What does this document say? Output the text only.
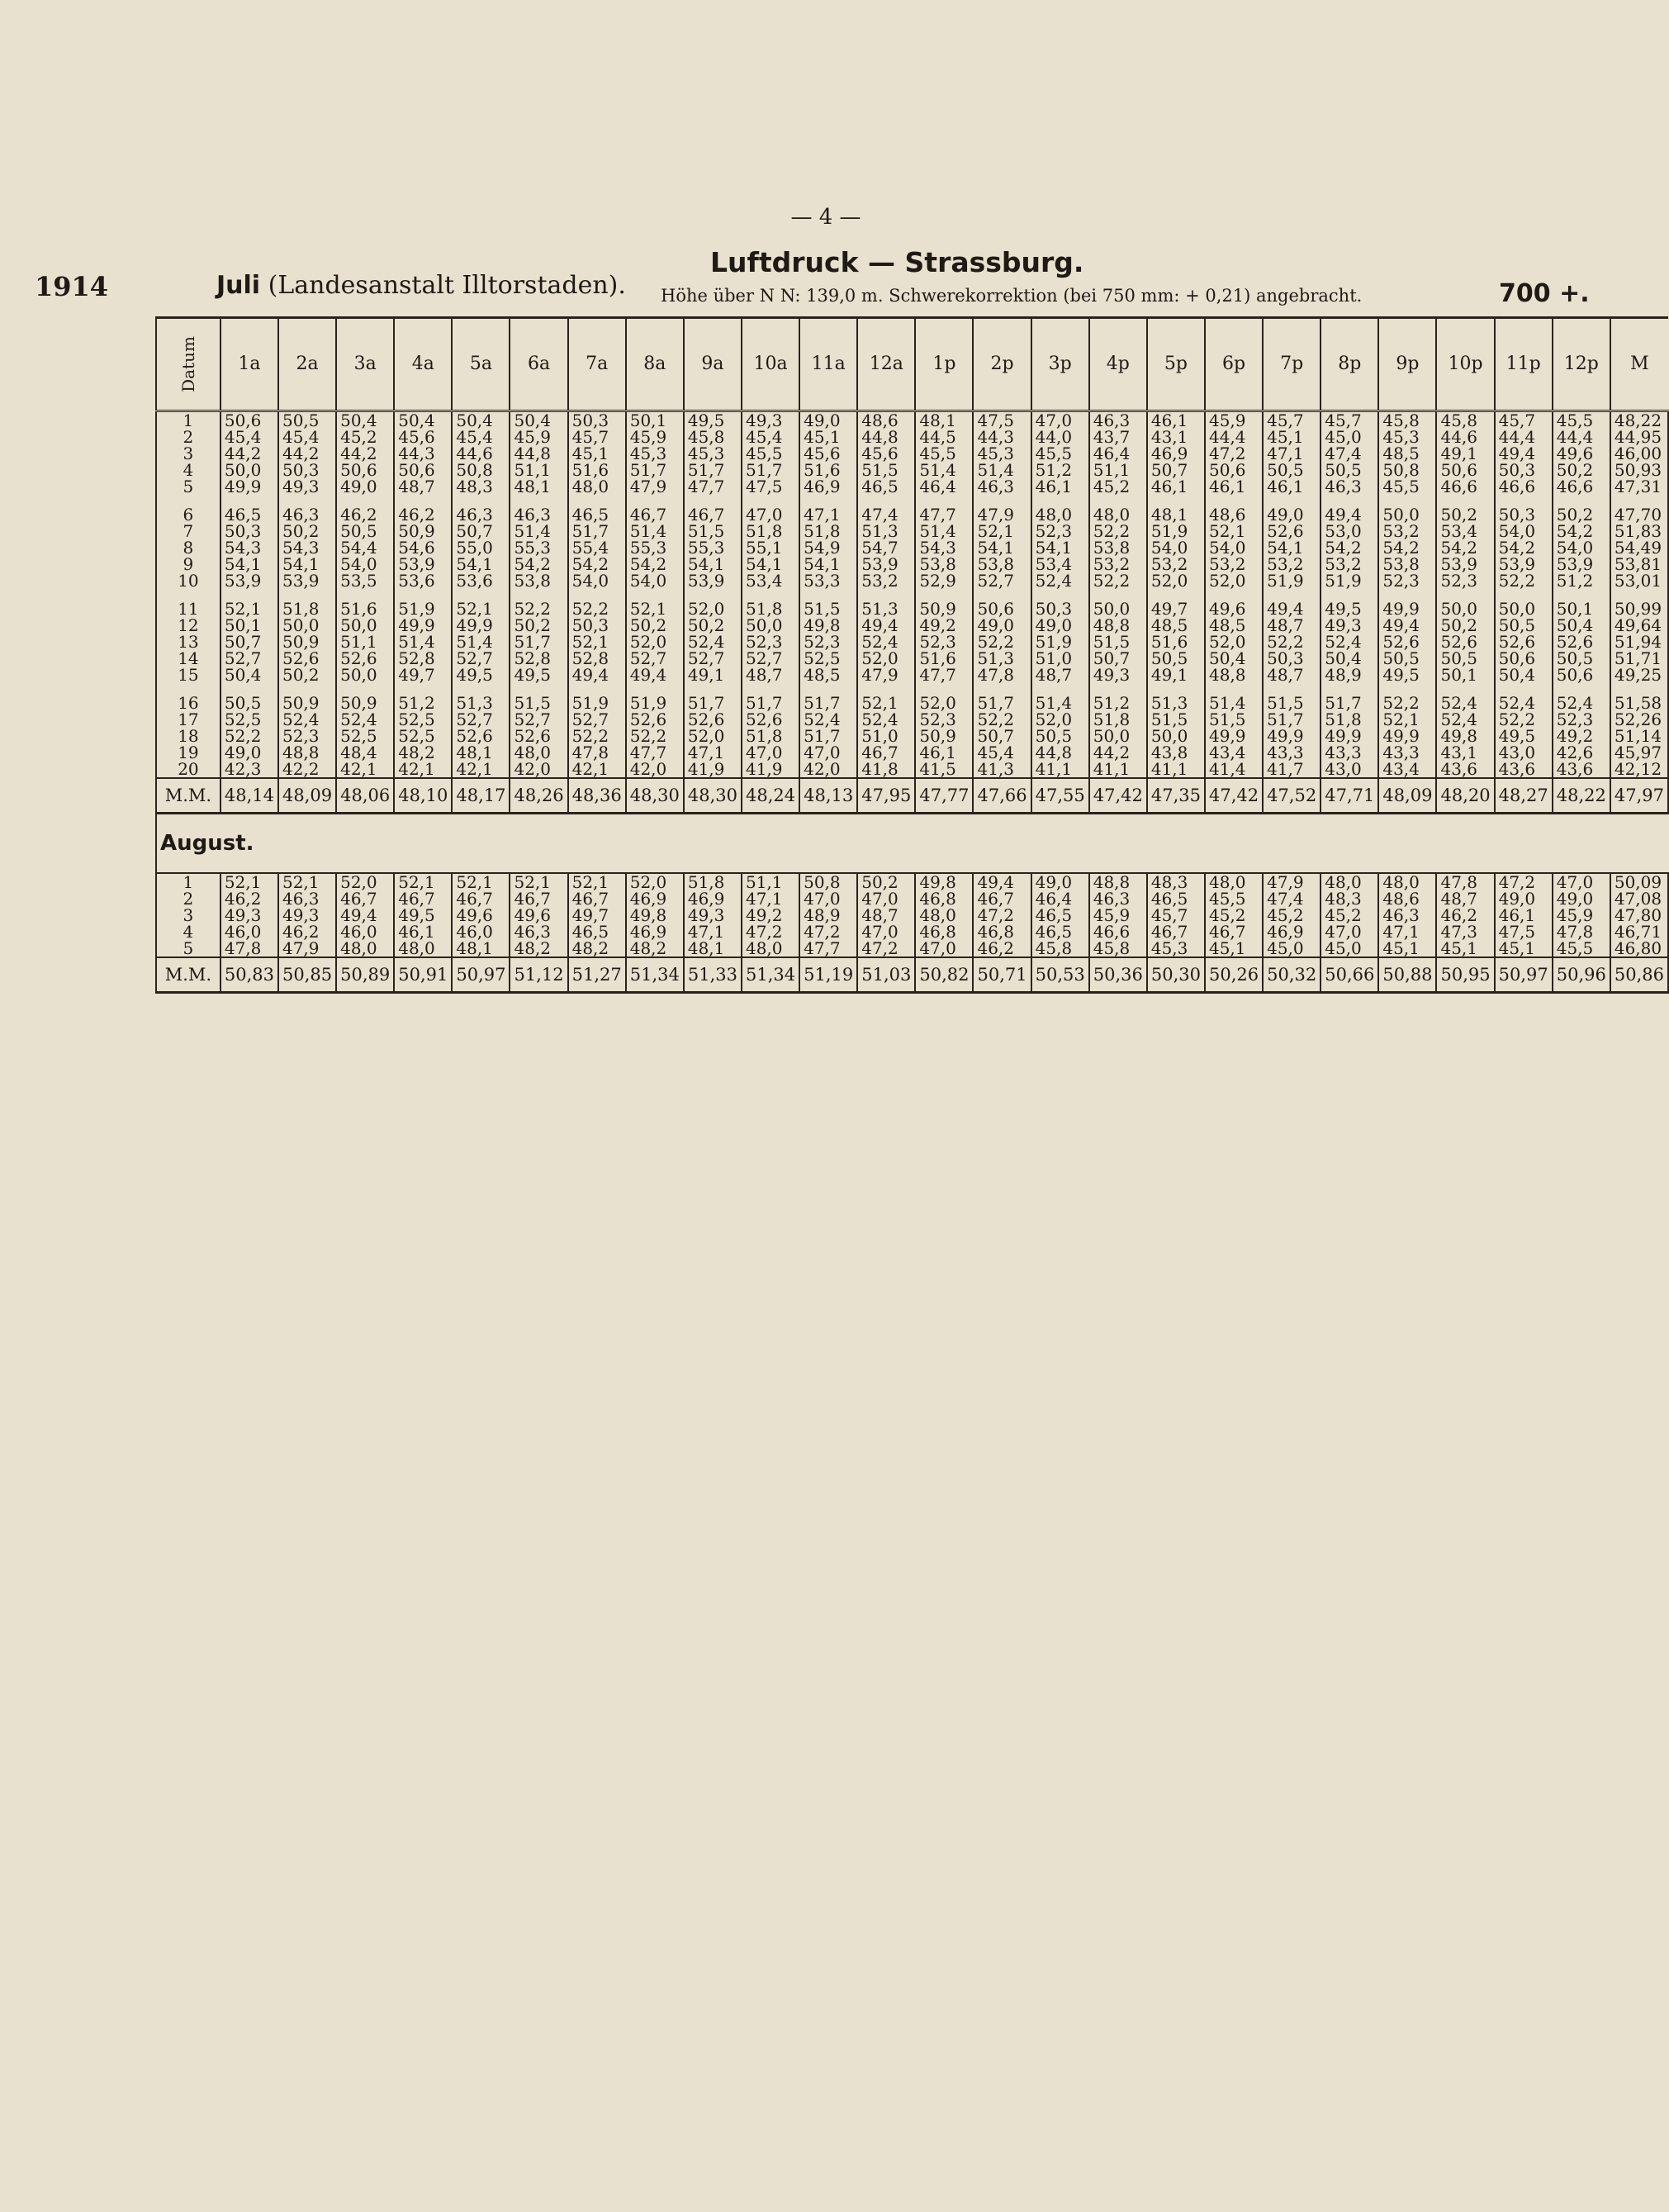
— 4 —
1914	Juli (Landesanstalt Illtorstaden).
Luftdruck — Strassburg.
Höhe über N N: 139,0 m. Schwerekorrektion (bei 750 mm: + 0,21) angebracht.	700 +.
Datum	1a	2a	3a	4a	5a	6a	7a	8a	9a	10a	11a	12a	1p	2p	3p	4p	5p	6p	7p	8p	9p	10p	11p	12p	M
1	50,6	50,5	50,4	50,4	50,4	50,4	50,3	50,1	49,5	49,3	49,0	48,6	48,1	47,5	47,0	46,3	46,1	45,9	45,7	45,7	45,8	45,8	45,7	45,5	48,22
2	45,4	45,4	45,2	45,6	45,4	45,9	45,7	45,9	45,8	45,4	45,1	44,8	44,5	44,3	44,0	43,7	43,1	44,4	45,1	45,0	45,3	44,6	44,4	44,4	44,95
3	44,2	44,2	44,2	44,3	44,6	44,8	45,1	45,3	45,3	45,5	45,6	45,6	45,5	45,3	45,5	46,4	46,9	47,2	47,1	47,4	48,5	49,1	49,4	49,6	46,00
4	50,0	50,3	50,6	50,6	50,8	51,1	51,6	51,7	51,7	51,7	51,6	51,5	51,4	51,4	51,2	51,1	50,7	50,6	50,5	50,5	50,8	50,6	50,3	50,2	50,93
5	49,9	49,3	49,0	48,7	48,3	48,1	48,0	47,9	47,7	47,5	46,9	46,5	46,4	46,3	46,1	45,2	46,1	46,1	46,1	46,3	45,5	46,6	46,6	46,6	47,31

6	46,5	46,3	46,2	46,2	46,3	46,3	46,5	46,7	46,7	47,0	47,1	47,4	47,7	47,9	48,0	48,0	48,1	48,6	49,0	49,4	50,0	50,2	50,3	50,2	47,70
7	50,3	50,2	50,5	50,9	50,7	51,4	51,7	51,4	51,5	51,8	51,8	51,3	51,4	52,1	52,3	52,2	51,9	52,1	52,6	53,0	53,2	53,4	54,0	54,2	51,83
8	54,3	54,3	54,4	54,6	55,0	55,3	55,4	55,3	55,3	55,1	54,9	54,7	54,3	54,1	54,1	53,8	54,0	54,0	54,1	54,2	54,2	54,2	54,2	54,0	54,49
9	54,1	54,1	54,0	53,9	54,1	54,2	54,2	54,2	54,1	54,1	54,1	53,9	53,8	53,8	53,4	53,2	53,2	53,2	53,2	53,2	53,8	53,9	53,9	53,9	53,81
10	53,9	53,9	53,5	53,6	53,6	53,8	54,0	54,0	53,9	53,4	53,3	53,2	52,9	52,7	52,4	52,2	52,0	52,0	51,9	51,9	52,3	52,3	52,2	51,2	53,01

11	52,1	51,8	51,6	51,9	52,1	52,2	52,2	52,1	52,0	51,8	51,5	51,3	50,9	50,6	50,3	50,0	49,7	49,6	49,4	49,5	49,9	50,0	50,0	50,1	50,99
12	50,1	50,0	50,0	49,9	49,9	50,2	50,3	50,2	50,2	50,0	49,8	49,4	49,2	49,0	49,0	48,8	48,5	48,5	48,7	49,3	49,4	50,2	50,5	50,4	49,64
13	50,7	50,9	51,1	51,4	51,4	51,7	52,1	52,0	52,4	52,3	52,3	52,4	52,3	52,2	51,9	51,5	51,6	52,0	52,2	52,4	52,6	52,6	52,6	52,6	51,94
14	52,7	52,6	52,6	52,8	52,7	52,8	52,8	52,7	52,7	52,7	52,5	52,0	51,6	51,3	51,0	50,7	50,5	50,4	50,3	50,4	50,5	50,5	50,6	50,5	51,71
15	50,4	50,2	50,0	49,7	49,5	49,5	49,4	49,4	49,1	48,7	48,5	47,9	47,7	47,8	48,7	49,3	49,1	48,8	48,7	48,9	49,5	50,1	50,4	50,6	49,25

16	50,5	50,9	50,9	51,2	51,3	51,5	51,9	51,9	51,7	51,7	51,7	52,1	52,0	51,7	51,4	51,2	51,3	51,4	51,5	51,7	52,2	52,4	52,4	52,4	51,58
17	52,5	52,4	52,4	52,5	52,7	52,7	52,7	52,6	52,6	52,6	52,4	52,4	52,3	52,2	52,0	51,8	51,5	51,5	51,7	51,8	52,1	52,4	52,2	52,3	52,26
18	52,2	52,3	52,5	52,5	52,6	52,6	52,2	52,2	52,0	51,8	51,7	51,0	50,9	50,7	50,5	50,0	50,0	49,9	49,9	49,9	49,9	49,8	49,5	49,2	51,14
19	49,0	48,8	48,4	48,2	48,1	48,0	47,8	47,7	47,1	47,0	47,0	46,7	46,1	45,4	44,8	44,2	43,8	43,4	43,3	43,3	43,3	43,1	43,0	42,6	45,97
20	42,3	42,2	42,1	42,1	42,1	42,0	42,1	42,0	41,9	41,9	42,0	41,8	41,5	41,3	41,1	41,1	41,1	41,4	41,7	43,0	43,4	43,6	43,6	43,6	42,12
M.M.	48,14	48,09	48,06	48,10	48,17	48,26	48,36	48,30	48,30	48,24	48,13	47,95	47,77	47,66	47,55	47,42	47,35	47,42	47,52	47,71	48,09	48,20	48,27	48,22	47,97
August.																									
1	52,1	52,1	52,0	52,1	52,1	52,1	52,1	52,0	51,8	51,1	50,8	50,2	49,8	49,4	49,0	48,8	48,3	48,0	47,9	48,0	48,0	47,8	47,2	47,0	50,09
2	46,2	46,3	46,7	46,7	46,7	46,7	46,7	46,9	46,9	47,1	47,0	47,0	46,8	46,7	46,4	46,3	46,5	45,5	47,4	48,3	48,6	48,7	49,0	49,0	47,08
3	49,3	49,3	49,4	49,5	49,6	49,6	49,7	49,8	49,3	49,2	48,9	48,7	48,0	47,2	46,5	45,9	45,7	45,2	45,2	45,2	46,3	46,2	46,1	45,9	47,80
4	46,0	46,2	46,0	46,1	46,0	46,3	46,5	46,9	47,1	47,2	47,2	47,0	46,8	46,8	46,5	46,6	46,7	46,7	46,9	47,0	47,1	47,3	47,5	47,8	46,71
5	47,8	47,9	48,0	48,0	48,1	48,2	48,2	48,2	48,1	48,0	47,7	47,2	47,0	46,2	45,8	45,8	45,3	45,1	45,0	45,0	45,1	45,1	45,1	45,5	46,80
M.M.	50,83	50,85	50,89	50,91	50,97	51,12	51,27	51,34	51,33	51,34	51,19	51,03	50,82	50,71	50,53	50,36	50,30	50,26	50,32	50,66	50,88	50,95	50,97	50,96	50,86
